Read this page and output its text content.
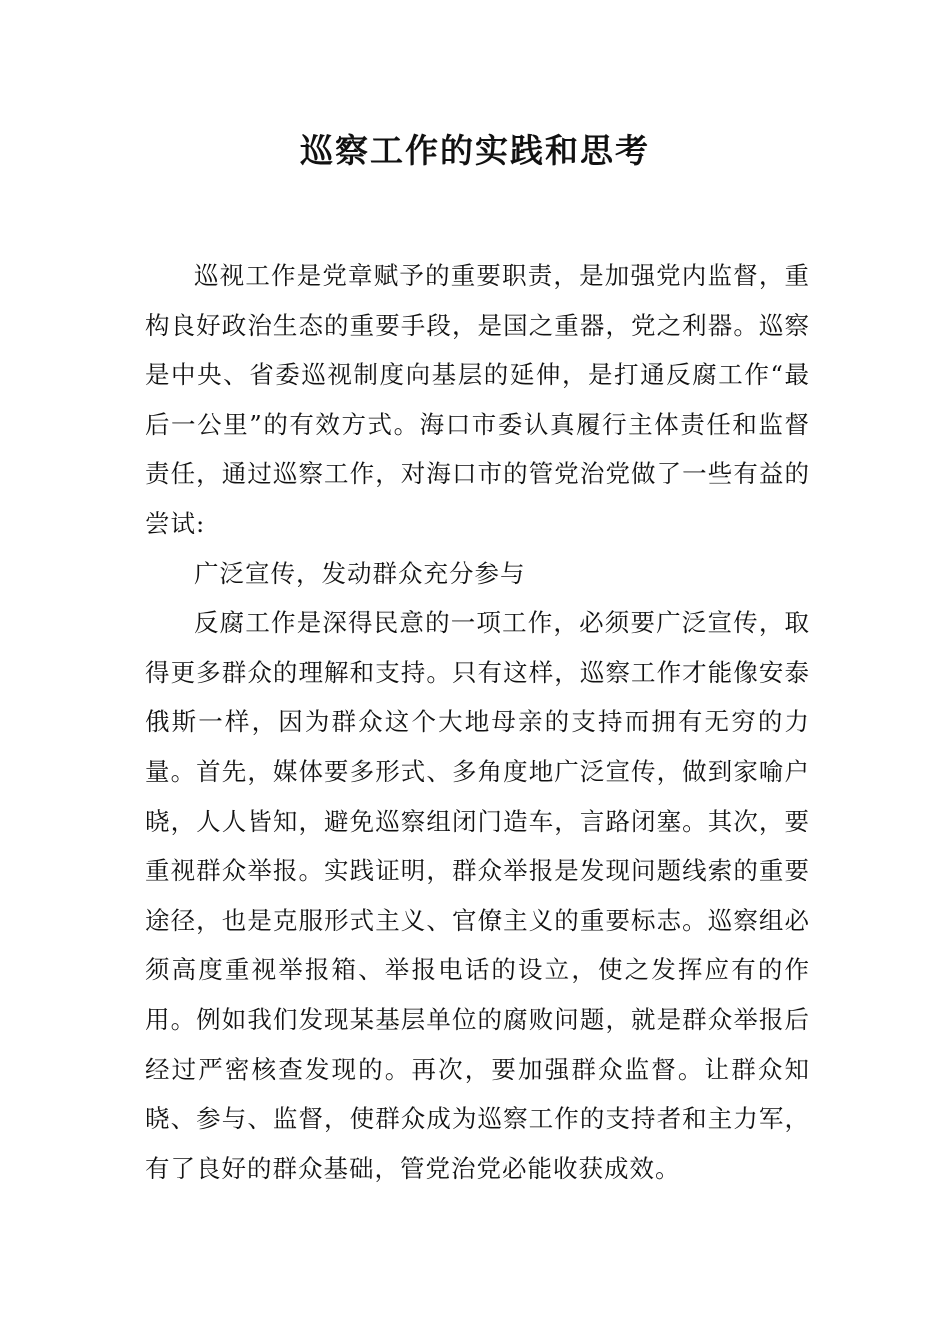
巡察工作的实践和思考

巡视工作是党章赋予的重要职责，是加强党内监督，重构良好政治生态的重要手段，是国之重器，党之利器。巡察是中央、省委巡视制度向基层的延伸，是打通反腐工作“最后一公里”的有效方式。海口市委认真履行主体责任和监督责任，通过巡察工作，对海口市的管党治党做了一些有益的尝试:

广泛宣传，发动群众充分参与

反腐工作是深得民意的一项工作，必须要广泛宣传，取得更多群众的理解和支持。只有这样，巡察工作才能像安泰俄斯一样，因为群众这个大地母亲的支持而拥有无穷的力量。首先，媒体要多形式、多角度地广泛宣传，做到家喻户晓，人人皆知，避免巡察组闭门造车，言路闭塞。其次，要重视群众举报。实践证明，群众举报是发现问题线索的重要途径，也是克服形式主义、官僚主义的重要标志。巡察组必须高度重视举报箱、举报电话的设立，使之发挥应有的作用。例如我们发现某基层单位的腐败问题，就是群众举报后经过严密核查发现的。再次，要加强群众监督。让群众知晓、参与、监督，使群众成为巡察工作的支持者和主力军，有了良好的群众基础，管党治党必能收获成效。
